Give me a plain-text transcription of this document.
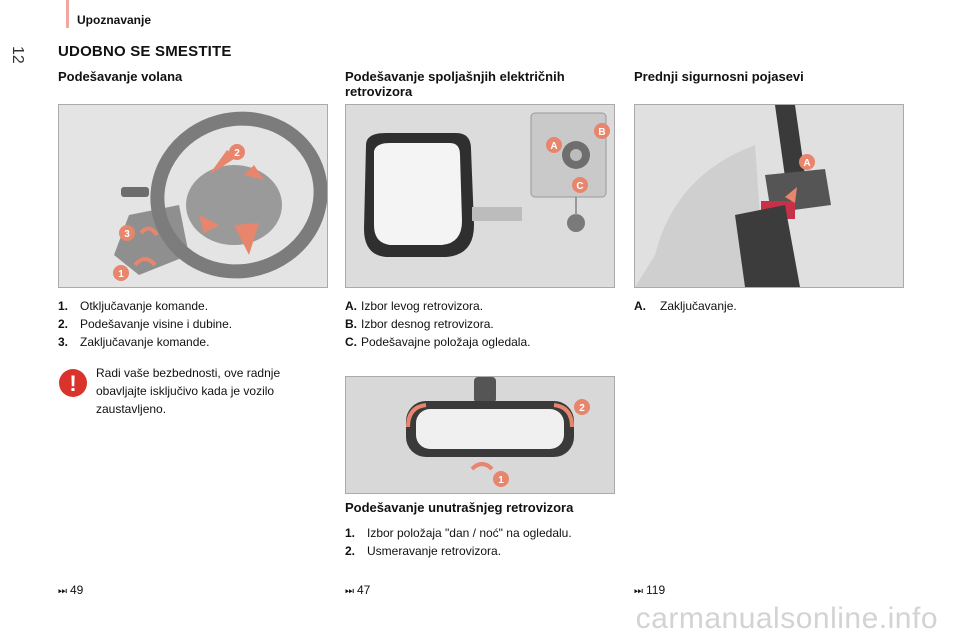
Upoznavanje
12 UDOBNO SE SMESTITE
Podešavanje volana	Podešavanje spoljašnjih električnih retrovizora
Prednji sigurnosni pojasevi
1
2
3
A
B
C
A
1. Otključavanje komande.
2. Podešavanje visine i dubine.
3. Zaključavanje komande.
! Radi vaše bezbednosti, ove radnje obavljajte isključivo kada je vozilo zaustavljeno.
A. Izbor levog retrovizora.
B. Izbor desnog retrovizora.
C. Podešavajne položaja ogledala.
1
2
Podešavanje unutrašnjeg retrovizora
1. Izbor položaja "dan / noć" na ogledalu.
2. Usmeravanje retrovizora.
A.	Zaključavanje.
⏭ 49	⏭ 47	⏭ 119
carmanualsonline.info
